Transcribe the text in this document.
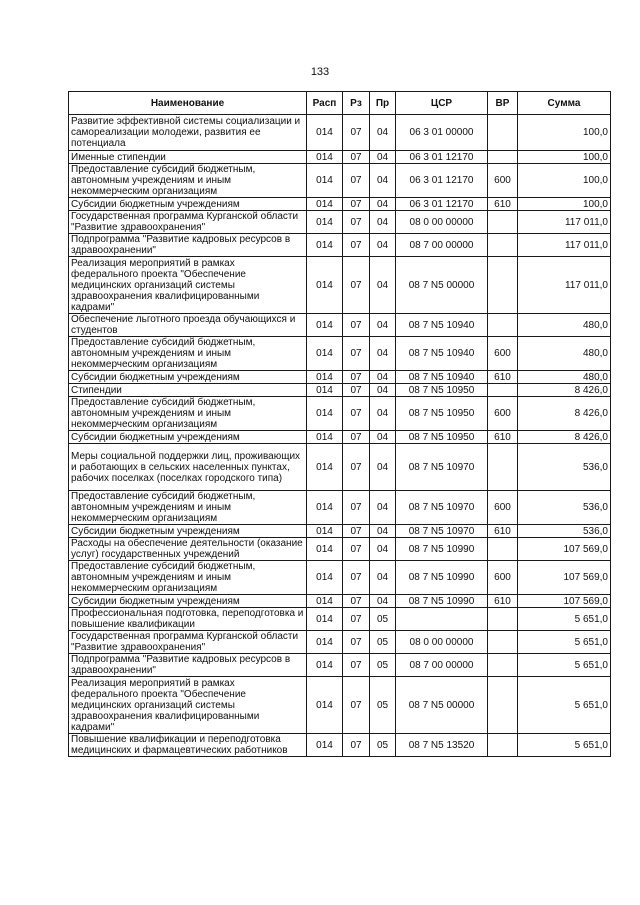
133
Наименование	Расп	Рз	Пр	ЦСР	ВР	Сумма
Развитие эффективной системы социализации и самореализации молодежи, развития ее потенциала	014	07	04	06 3 01 00000		100,0
Именные стипендии	014	07	04	06 3 01 12170		100,0
Предоставление субсидий бюджетным, автономным учреждениям и иным некоммерческим организациям	014	07	04	06 3 01 12170	600	100,0
Субсидии бюджетным учреждениям	014	07	04	06 3 01 12170	610	100,0
Государственная программа Курганской области "Развитие здравоохранения"	014	07	04	08 0 00 00000		117 011,0
Подпрограмма "Развитие кадровых ресурсов в здравоохранении"	014	07	04	08 7 00 00000		117 011,0
Реализация мероприятий в рамках федерального проекта "Обеспечение медицинских организаций системы здравоохранения квалифицированными кадрами"	014	07	04	08 7 N5 00000		117 011,0
Обеспечение льготного проезда обучающихся и студентов	014	07	04	08 7 N5 10940		480,0
Предоставление субсидий бюджетным, автономным учреждениям и иным некоммерческим организациям	014	07	04	08 7 N5 10940	600	480,0
Субсидии бюджетным учреждениям	014	07	04	08 7 N5 10940	610	480,0
Стипендии	014	07	04	08 7 N5 10950		8 426,0
Предоставление субсидий бюджетным, автономным учреждениям и иным некоммерческим организациям	014	07	04	08 7 N5 10950	600	8 426,0
Субсидии бюджетным учреждениям	014	07	04	08 7 N5 10950	610	8 426,0
Меры социальной поддержки лиц, проживающих и работающих в сельских населенных пунктах, рабочих поселках (поселках городского типа)	014	07	04	08 7 N5 10970		536,0
Предоставление субсидий бюджетным, автономным учреждениям и иным некоммерческим организациям	014	07	04	08 7 N5 10970	600	536,0
Субсидии бюджетным учреждениям	014	07	04	08 7 N5 10970	610	536,0
Расходы на обеспечение деятельности (оказание услуг) государственных учреждений	014	07	04	08 7 N5 10990		107 569,0
Предоставление субсидий бюджетным, автономным учреждениям и иным некоммерческим организациям	014	07	04	08 7 N5 10990	600	107 569,0
Субсидии бюджетным учреждениям	014	07	04	08 7 N5 10990	610	107 569,0
Профессиональная подготовка, переподготовка и повышение квалификации	014	07	05			5 651,0
Государственная программа Курганской области "Развитие здравоохранения"	014	07	05	08 0 00 00000		5 651,0
Подпрограмма "Развитие кадровых ресурсов в здравоохранении"	014	07	05	08 7 00 00000		5 651,0
Реализация мероприятий в рамках федерального проекта "Обеспечение медицинских организаций системы здравоохранения квалифицированными кадрами"	014	07	05	08 7 N5 00000		5 651,0
Повышение квалификации и переподготовка медицинских и фармацевтических работников	014	07	05	08 7 N5 13520		5 651,0
